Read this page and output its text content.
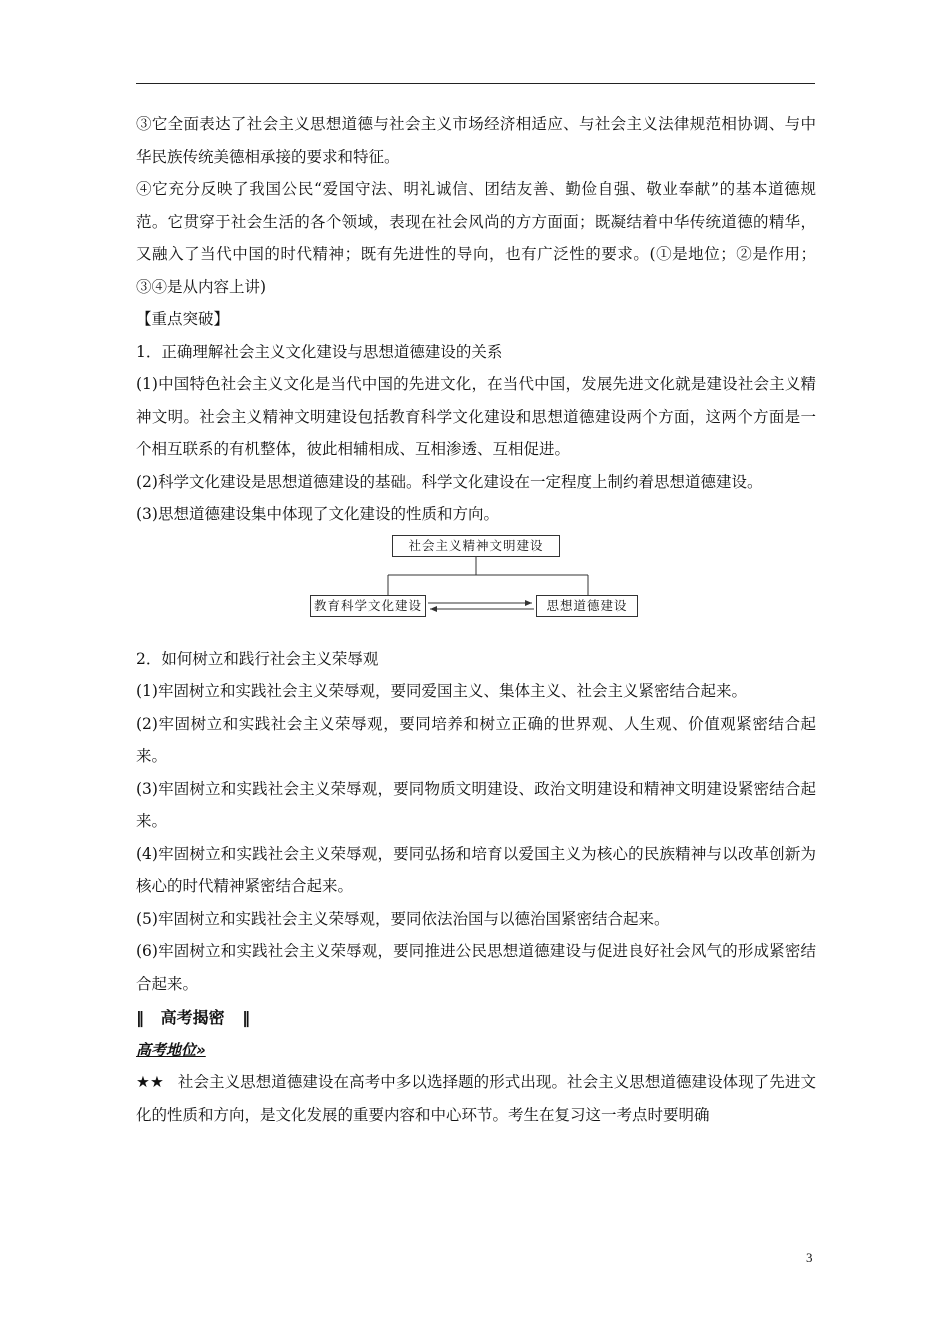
③它全面表达了社会主义思想道德与社会主义市场经济相适应、与社会主义法律规范相协调、与中华民族传统美德相承接的要求和特征。

④它充分反映了我国公民“爱国守法、明礼诚信、团结友善、勤俭自强、敬业奉献”的基本道德规范。它贯穿于社会生活的各个领域，表现在社会风尚的方方面面；既凝结着中华传统道德的精华，又融入了当代中国的时代精神；既有先进性的导向，也有广泛性的要求。(①是地位；②是作用；③④是从内容上讲)

【重点突破】

1．正确理解社会主义文化建设与思想道德建设的关系

(1)中国特色社会主义文化是当代中国的先进文化，在当代中国，发展先进文化就是建设社会主义精神文明。社会主义精神文明建设包括教育科学文化建设和思想道德建设两个方面，这两个方面是一个相互联系的有机整体，彼此相辅相成、互相渗透、互相促进。

(2)科学文化建设是思想道德建设的基础。科学文化建设在一定程度上制约着思想道德建设。

(3)思想道德建设集中体现了文化建设的性质和方向。

社会主义精神文明建设
教育科学文化建设	思想道德建设

2．如何树立和践行社会主义荣辱观

(1)牢固树立和实践社会主义荣辱观，要同爱国主义、集体主义、社会主义紧密结合起来。

(2)牢固树立和实践社会主义荣辱观，要同培养和树立正确的世界观、人生观、价值观紧密结合起来。

(3)牢固树立和实践社会主义荣辱观，要同物质文明建设、政治文明建设和精神文明建设紧密结合起来。

(4)牢固树立和实践社会主义荣辱观，要同弘扬和培育以爱国主义为核心的民族精神与以改革创新为核心的时代精神紧密结合起来。

(5)牢固树立和实践社会主义荣辱观，要同依法治国与以德治国紧密结合起来。

(6)牢固树立和实践社会主义荣辱观，要同推进公民思想道德建设与促进良好社会风气的形成紧密结合起来。

‖ 高考揭密 ‖
高考地位»

★★ 社会主义思想道德建设在高考中多以选择题的形式出现。社会主义思想道德建设体现了先进文化的性质和方向，是文化发展的重要内容和中心环节。考生在复习这一考点时要明确

3
